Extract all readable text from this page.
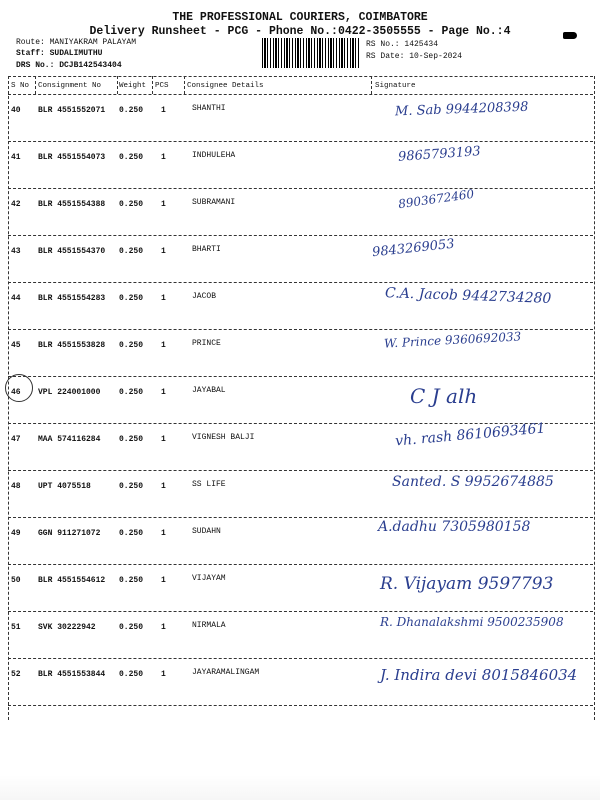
THE PROFESSIONAL COURIERS, COIMBATORE
Delivery Runsheet - PCG - Phone No.:0422-3505555 - Page No.:4
Route: MANIYAKRAM PALAYAM
Staff: SUDALIMUTHU
DRS No.: DCJB142543404
RS No.: 1425434
RS Date: 10-Sep-2024
S No Consignment No Weight PCS Consignee Details	Signature
40 BLR 4551552071 0.250 1	SHANTHI	M. Sab 9944208398
41 BLR 4551554073 0.250 1	INDHULEHA	9865793193
42 BLR 4551554388 0.250 1	SUBRAMANI	8903672460
43 BLR 4551554370 0.250 1	BHARTI	9843269053
44 BLR 4551554283 0.250 1	JACOB	C.A. Jacob 9442734280
45 BLR 4551553828 0.250 1	PRINCE	W. Prince 9360692033
46 VPL 224001000 0.250 1	JAYABAL	C J alh
47 MAA 574116284 0.250 1	VIGNESH BALJI	vh. rash 8610693461
48 UPT 4075518	0.250 1	SS LIFE	Santed. S 9952674885
49 GGN 911271072 0.250 1	SUDAHN	A.dadhu 7305980158
50 BLR 4551554612 0.250 1	VIJAYAM	R. Vijayam 9597793
51 SVK 30222942	0.250 1	NIRMALA	R. Dhanalakshmi 9500235908
52 BLR 4551553844 0.250 1	JAYARAMALINGAM	J. Indira devi 8015846034
